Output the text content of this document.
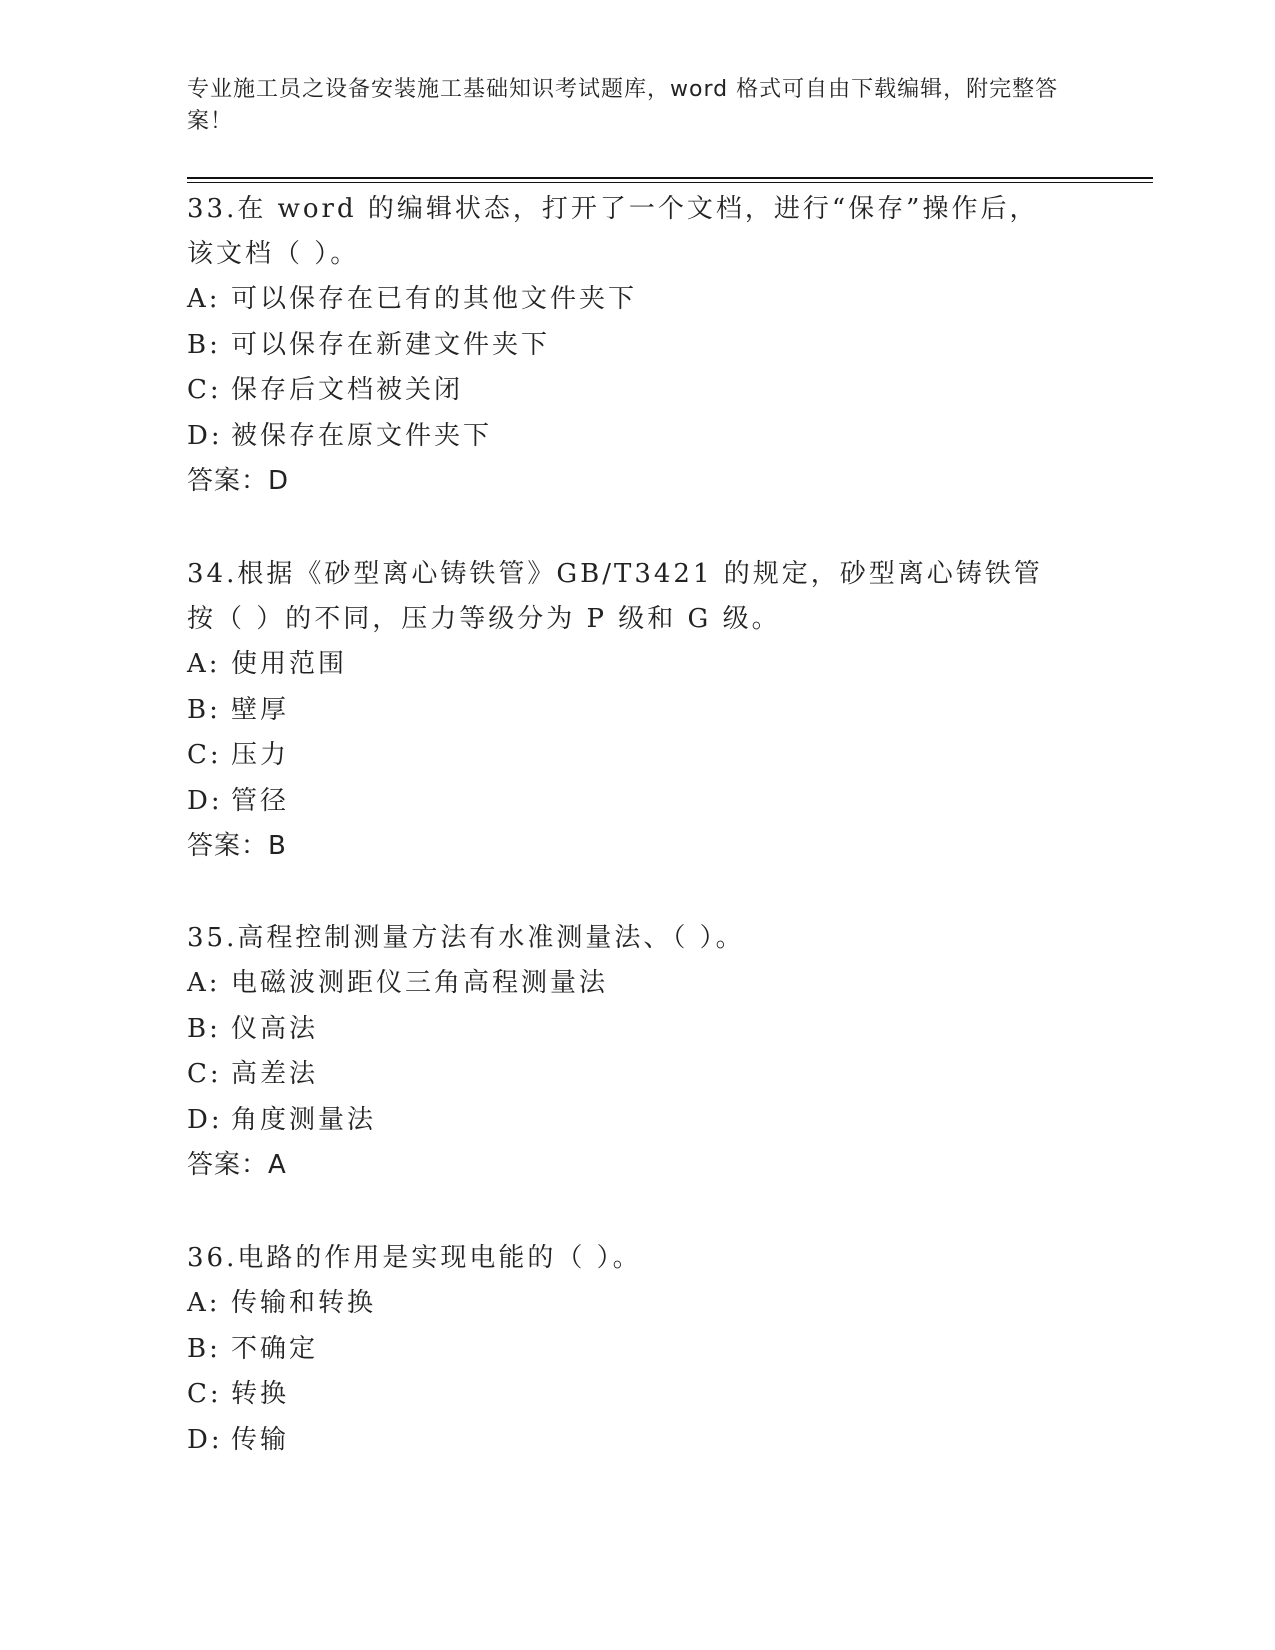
专业施工员之设备安装施工基础知识考试题库，word 格式可自由下载编辑，附完整答案！
33.在 word 的编辑状态，打开了一个文档，进行“保存”操作后，该文档（ ）。
A: 可以保存在已有的其他文件夹下
B: 可以保存在新建文件夹下
C: 保存后文档被关闭
D: 被保存在原文件夹下
答案：D
34.根据《砂型离心铸铁管》GB/T3421 的规定，砂型离心铸铁管按（ ）的不同，压力等级分为 P 级和 G 级。
A: 使用范围
B: 壁厚
C: 压力
D: 管径
答案：B
35.高程控制测量方法有水准测量法、（ ）。
A: 电磁波测距仪三角高程测量法
B: 仪高法
C: 高差法
D: 角度测量法
答案：A
36.电路的作用是实现电能的（ ）。
A: 传输和转换
B: 不确定
C: 转换
D: 传输
